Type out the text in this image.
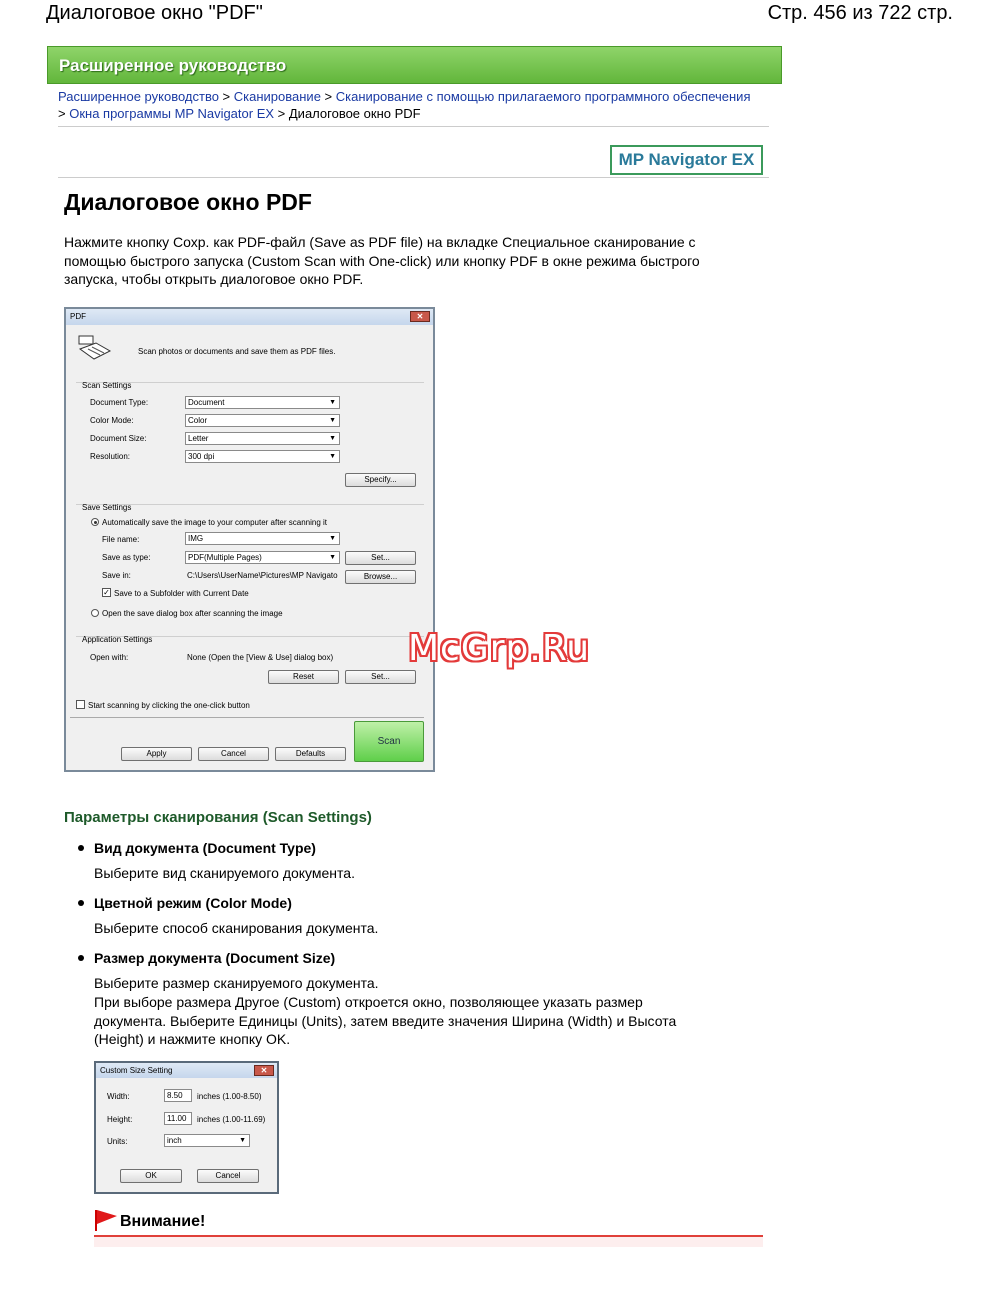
Диалоговое окно "PDF"	Стр. 456 из 722 стр.
Расширенное руководство
Расширенное руководство > Сканирование > Сканирование с помощью прилагаемого программного обеспечения > Окна программы MP Navigator EX > Диалоговое окно PDF
MP Navigator EX
Диалоговое окно PDF
Нажмите кнопку Сохр. как PDF-файл (Save as PDF file) на вкладке Специальное сканирование с помощью быстрого запуска (Custom Scan with One-click) или кнопку PDF в окне режима быстрого запуска, чтобы открыть диалоговое окно PDF.
PDF	✕
Scan photos or documents and save them as PDF files.
Scan Settings
Document Type:	Document	▼
Color Mode:	Color	▼
Document Size:	Letter	▼
Resolution:	300 dpi	▼
Specify...
Save Settings
Automatically save the image to your computer after scanning it
File name:	IMG	▼
Save as type:	PDF(Multiple Pages)	▼	Set...
Save in:	C:\Users\UserName\Pictures\MP Navigato	Browse...
✓ Save to a Subfolder with Current Date
Open the save dialog box after scanning the image
Application Settings
Open with:	None (Open the [View & Use] dialog box)
Reset	Set...
Start scanning by clicking the one-click button
Apply	Cancel	Defaults
Scan
McGrp.Ru
Параметры сканирования (Scan Settings)
Вид документа (Document Type)
Выберите вид сканируемого документа.
Цветной режим (Color Mode)
Выберите способ сканирования документа.
Размер документа (Document Size)
Выберите размер сканируемого документа.
При выборе размера Другое (Custom) откроется окно, позволяющее указать размер документа. Выберите Единицы (Units), затем введите значения Ширина (Width) и Высота (Height) и нажмите кнопку OK.
Custom Size Setting	✕
Width:	8.50	inches (1.00-8.50)
Height:	11.00	inches (1.00-11.69)
Units:	inch	▼
OK	Cancel
Внимание!
